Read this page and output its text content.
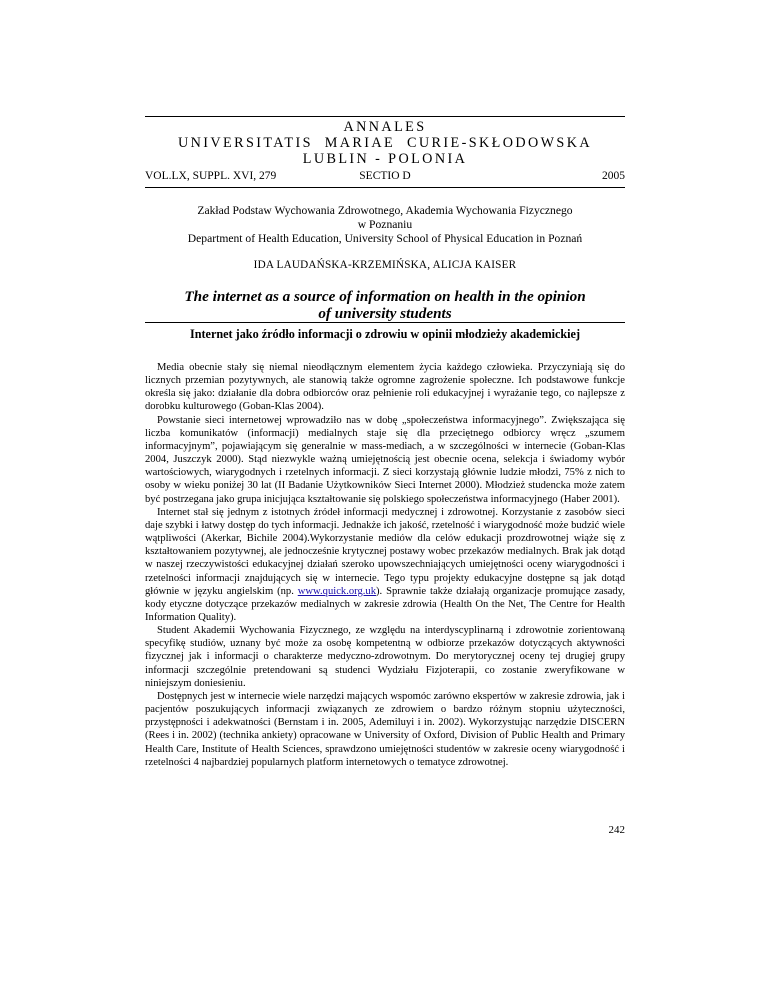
ANNALES
UNIVERSITATIS  MARIAE  CURIE-SKŁODOWSKA
LUBLIN - POLONIA
VOL.LX, SUPPL. XVI, 279	SECTIO D	2005
Zakład Podstaw Wychowania Zdrowotnego, Akademia Wychowania Fizycznego
w Poznaniu
Department of Health Education, University School of Physical Education in Poznań
IDA LAUDAŃSKA-KRZEMIŃSKA, ALICJA KAISER
The internet as a source of information on health in the opinion
of university students
Internet jako źródło informacji o zdrowiu w opinii młodzieży akademickiej

Media obecnie stały się niemal nieodłącznym elementem życia każdego człowieka. Przyczyniają się do licznych przemian pozytywnych, ale stanowią także ogromne zagrożenie społeczne. Ich podstawowe funkcje określa się jako: działanie dla dobra odbiorców oraz pełnienie roli edukacyjnej i wyrażanie tego, co najlepsze z dorobku kulturowego (Goban-Klas 2004).

Powstanie sieci internetowej wprowadziło nas w dobę „społeczeństwa informacyjnego”. Zwiększająca się liczba komunikatów (informacji) medialnych staje się dla przeciętnego odbiorcy wręcz „szumem informacyjnym”, pojawiającym się generalnie w mass-mediach, a w szczególności w internecie (Goban-Klas 2004, Juszczyk 2000). Stąd niezwykle ważną umiejętnością jest obecnie ocena, selekcja i świadomy wybór wartościowych, wiarygodnych i rzetelnych informacji. Z sieci korzystają głównie ludzie młodzi, 75% z nich to osoby w wieku poniżej 30 lat (II Badanie Użytkowników Sieci Internet 2000). Młodzież studencka może zatem być postrzegana jako grupa inicjująca kształtowanie się polskiego społeczeństwa informacyjnego (Haber 2001).

Internet stał się jednym z istotnych źródeł informacji medycznej i zdrowotnej. Korzystanie z zasobów sieci daje szybki i łatwy dostęp do tych informacji. Jednakże ich jakość, rzetelność i wiarygodność może budzić wiele wątpliwości (Akerkar, Bichile 2004).Wykorzystanie mediów dla celów edukacji prozdrowotnej wiąże się z kształtowaniem pozytywnej, ale jednocześnie krytycznej postawy wobec przekazów medialnych. Brak jak dotąd w naszej rzeczywistości edukacyjnej działań szeroko upowszechniających umiejętności oceny wiarygodności i rzetelności informacji znajdujących się w internecie. Tego typu projekty edukacyjne dostępne są jak dotąd głównie w języku angielskim (np. www.quick.org.uk). Sprawnie także działają organizacje promujące zasady, kody etyczne dotyczące przekazów medialnych w zakresie zdrowia (Health On the Net, The Centre for Health Information Quality).

Student Akademii Wychowania Fizycznego, ze względu na interdyscyplinarną i zdrowotnie zorientowaną specyfikę studiów, uznany być może za osobę kompetentną w odbiorze przekazów dotyczących aktywności fizycznej jak i informacji o charakterze medyczno-zdrowotnym. Do merytorycznej oceny tej drugiej grupy informacji szczególnie pretendowani są studenci Wydziału Fizjoterapii, co zostanie zweryfikowane w niniejszym doniesieniu.

Dostępnych jest w internecie wiele narzędzi mających wspomóc zarówno ekspertów w zakresie zdrowia, jak i pacjentów poszukujących informacji związanych ze zdrowiem o bardzo różnym stopniu użyteczności, przystępności i adekwatności (Bernstam i in. 2005, Ademiluyi i in. 2002). Wykorzystując narzędzie DISCERN (Rees i in. 2002) (technika ankiety) opracowane w University of Oxford, Division of Public Health and Primary Health Care, Institute of Health Sciences, sprawdzono umiejętności studentów w zakresie oceny wiarygodność i rzetelności 4 najbardziej popularnych platform internetowych o tematyce zdrowotnej.

242
